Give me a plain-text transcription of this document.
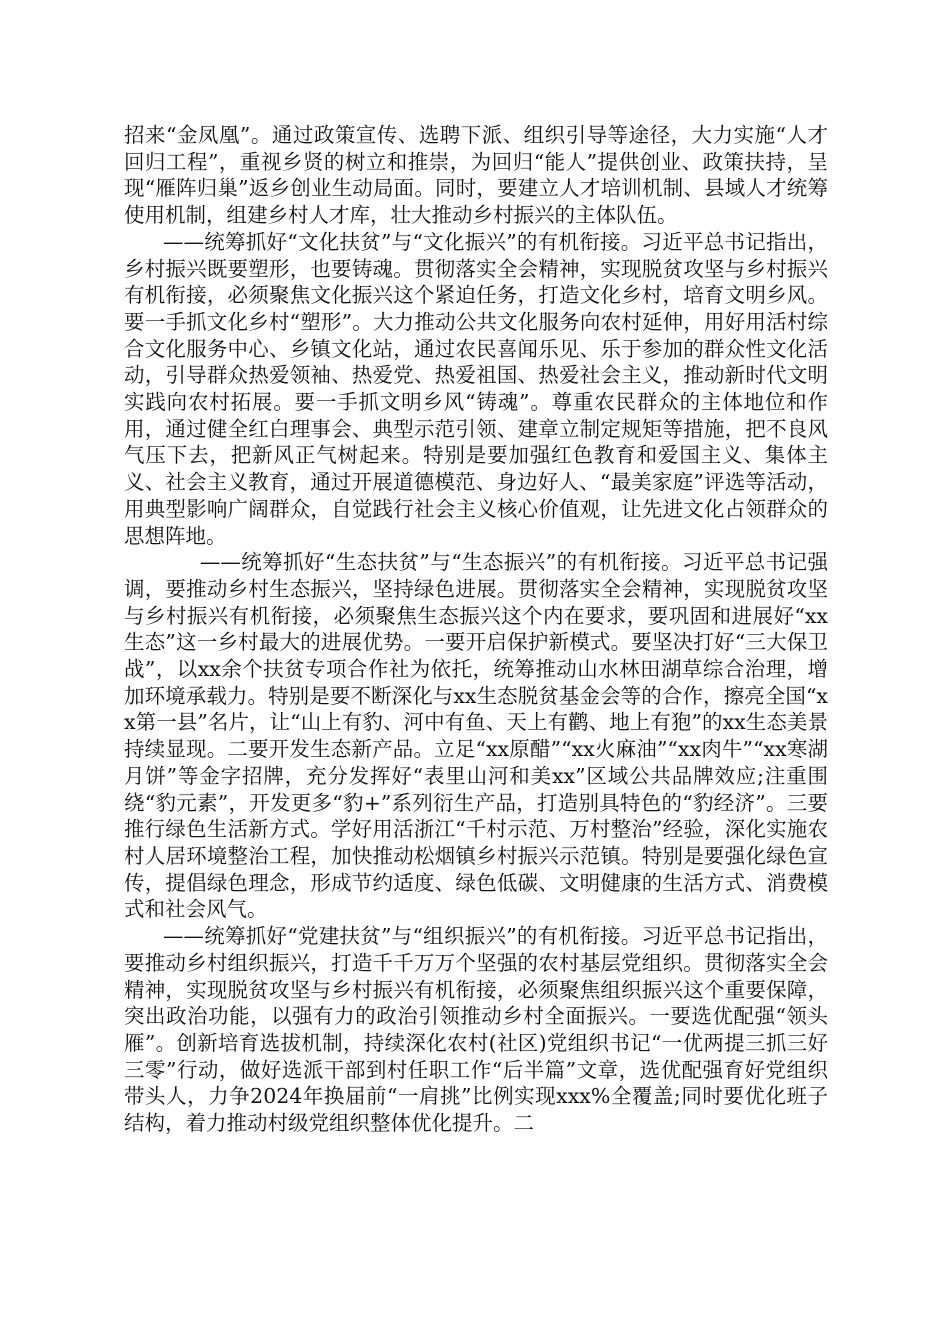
招来“金凤凰”。通过政策宣传、选聘下派、组织引导等途径，大力实施“人才回归工程”，重视乡贤的树立和推崇，为回归“能人”提供创业、政策扶持，呈现“雁阵归巢”返乡创业生动局面。同时，要建立人才培训机制、县域人才统筹使用机制，组建乡村人才库，壮大推动乡村振兴的主体队伍。

——统筹抓好“文化扶贫”与“文化振兴”的有机衔接。习近平总书记指出，乡村振兴既要塑形，也要铸魂。贯彻落实全会精神，实现脱贫攻坚与乡村振兴有机衔接，必须聚焦文化振兴这个紧迫任务，打造文化乡村，培育文明乡风。要一手抓文化乡村“塑形”。大力推动公共文化服务向农村延伸，用好用活村综合文化服务中心、乡镇文化站，通过农民喜闻乐见、乐于参加的群众性文化活动，引导群众热爱领袖、热爱党、热爱祖国、热爱社会主义，推动新时代文明实践向农村拓展。要一手抓文明乡风“铸魂”。尊重农民群众的主体地位和作用，通过健全红白理事会、典型示范引领、建章立制定规矩等措施，把不良风气压下去，把新风正气树起来。特别是要加强红色教育和爱国主义、集体主义、社会主义教育，通过开展道德模范、身边好人、“最美家庭”评选等活动，用典型影响广阔群众，自觉践行社会主义核心价值观，让先进文化占领群众的思想阵地。

——统筹抓好“生态扶贫”与“生态振兴”的有机衔接。习近平总书记强调，要推动乡村生态振兴，坚持绿色进展。贯彻落实全会精神，实现脱贫攻坚与乡村振兴有机衔接，必须聚焦生态振兴这个内在要求，要巩固和进展好“xx生态”这一乡村最大的进展优势。一要开启保护新模式。要坚决打好“三大保卫战”，以xx余个扶贫专项合作社为依托，统筹推动山水林田湖草综合治理，增加环境承载力。特别是要不断深化与xx生态脱贫基金会等的合作，擦亮全国“xx第一县”名片，让“山上有豹、河中有鱼、天上有鹳、地上有狍”的xx生态美景持续显现。二要开发生态新产品。立足“xx原醋”“xx火麻油”“xx肉牛”“xx寒湖月饼”等金字招牌，充分发挥好“表里山河和美xx”区域公共品牌效应;注重围绕“豹元素”，开发更多“豹+”系列衍生产品，打造别具特色的“豹经济”。三要推行绿色生活新方式。学好用活浙江“千村示范、万村整治”经验，深化实施农村人居环境整治工程，加快推动松烟镇乡村振兴示范镇。特别是要强化绿色宣传，提倡绿色理念，形成节约适度、绿色低碳、文明健康的生活方式、消费模式和社会风气。

——统筹抓好“党建扶贫”与“组织振兴”的有机衔接。习近平总书记指出，要推动乡村组织振兴，打造千千万万个坚强的农村基层党组织。贯彻落实全会精神，实现脱贫攻坚与乡村振兴有机衔接，必须聚焦组织振兴这个重要保障，突出政治功能，以强有力的政治引领推动乡村全面振兴。一要选优配强“领头雁”。创新培育选拔机制，持续深化农村(社区)党组织书记“一优两提三抓三好三零”行动，做好选派干部到村任职工作“后半篇”文章，选优配强育好党组织带头人，力争2024年换届前“一肩挑”比例实现xxx%全覆盖;同时要优化班子结构，着力推动村级党组织整体优化提升。二
